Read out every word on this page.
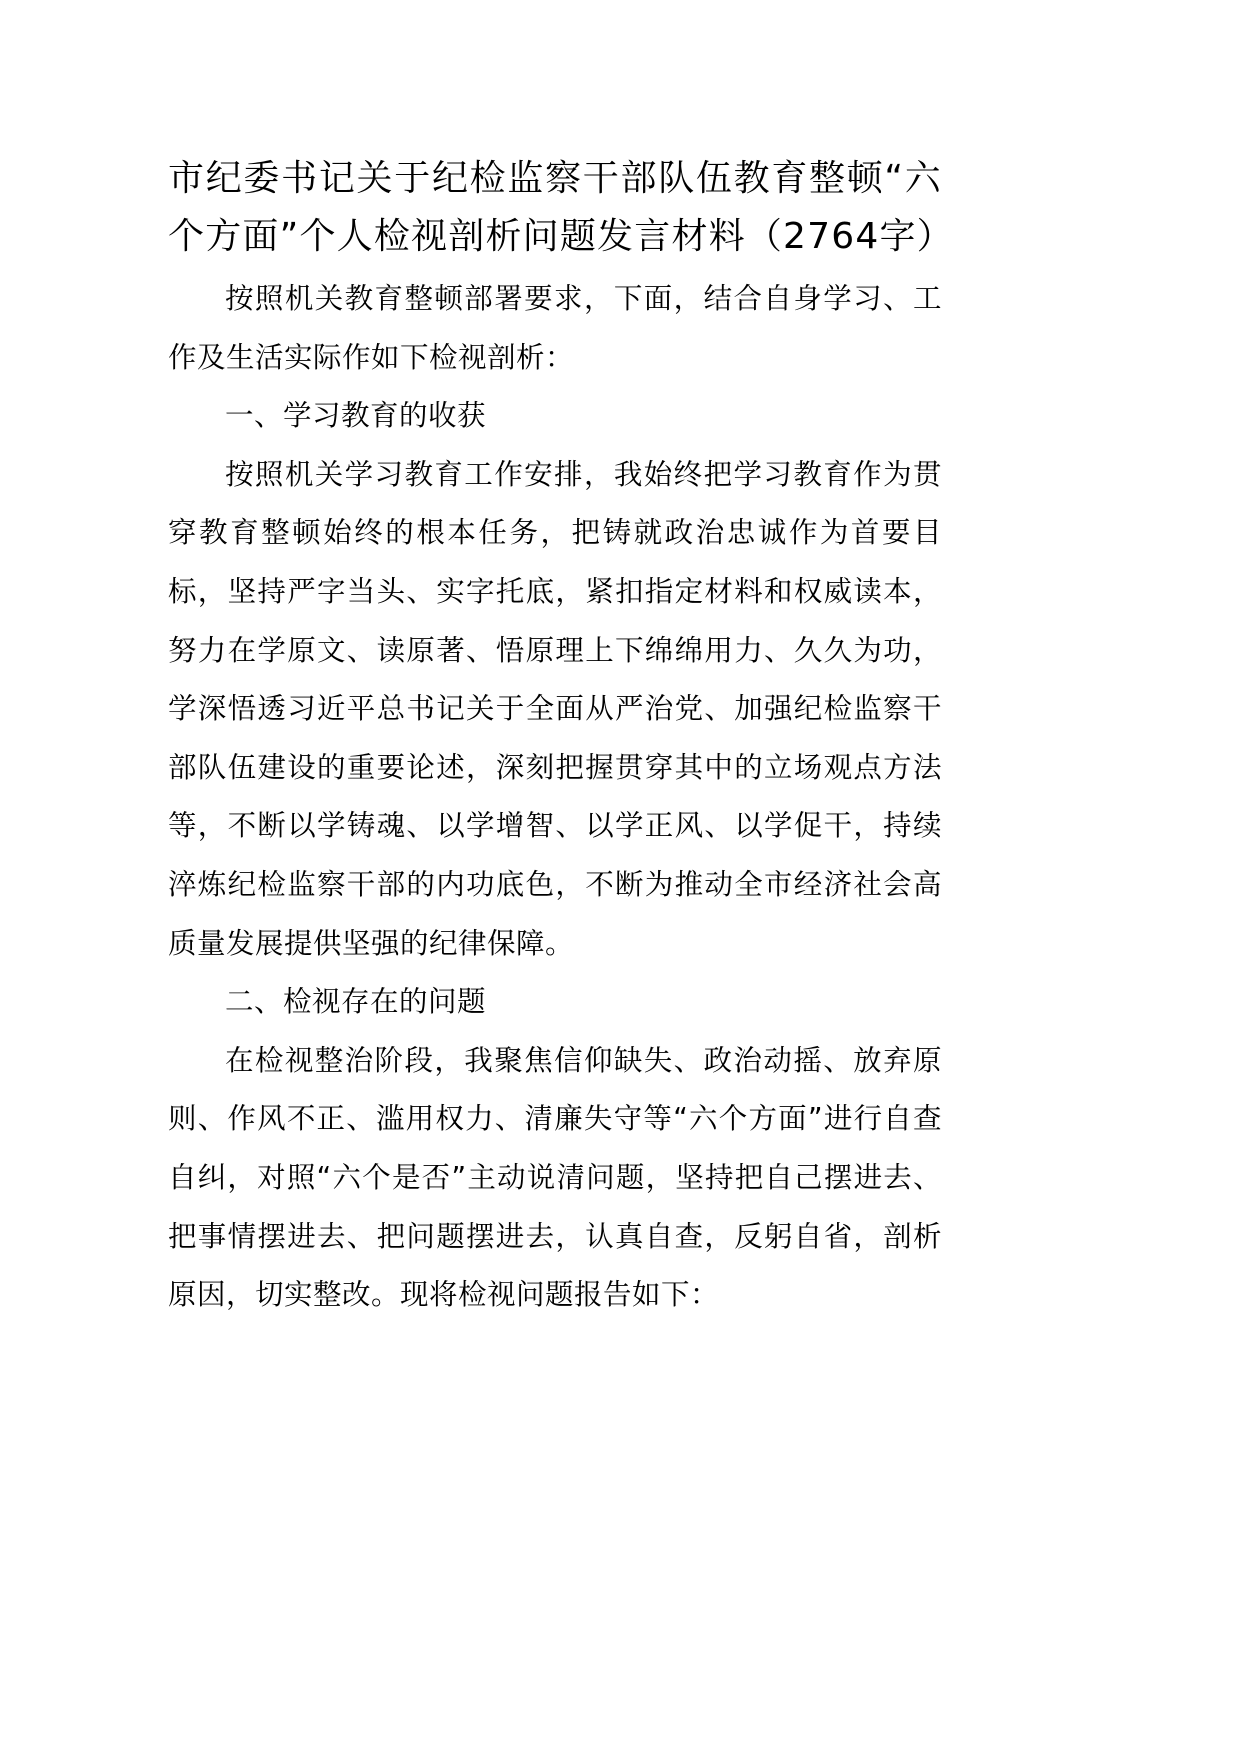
市纪委书记关于纪检监察干部队伍教育整顿“六个方面”个人检视剖析问题发言材料（2764字）

按照机关教育整顿部署要求，下面，结合自身学习、工作及生活实际作如下检视剖析：

一、学习教育的收获

按照机关学习教育工作安排，我始终把学习教育作为贯穿教育整顿始终的根本任务，把铸就政治忠诚作为首要目标，坚持严字当头、实字托底，紧扣指定材料和权威读本，努力在学原文、读原著、悟原理上下绵绵用力、久久为功，学深悟透习近平总书记关于全面从严治党、加强纪检监察干部队伍建设的重要论述，深刻把握贯穿其中的立场观点方法等，不断以学铸魂、以学增智、以学正风、以学促干，持续淬炼纪检监察干部的内功底色，不断为推动全市经济社会高质量发展提供坚强的纪律保障。

二、检视存在的问题

在检视整治阶段，我聚焦信仰缺失、政治动摇、放弃原则、作风不正、滥用权力、清廉失守等“六个方面”进行自查自纠，对照“六个是否”主动说清问题，坚持把自己摆进去、把事情摆进去、把问题摆进去，认真自查，反躬自省，剖析原因，切实整改。现将检视问题报告如下：
